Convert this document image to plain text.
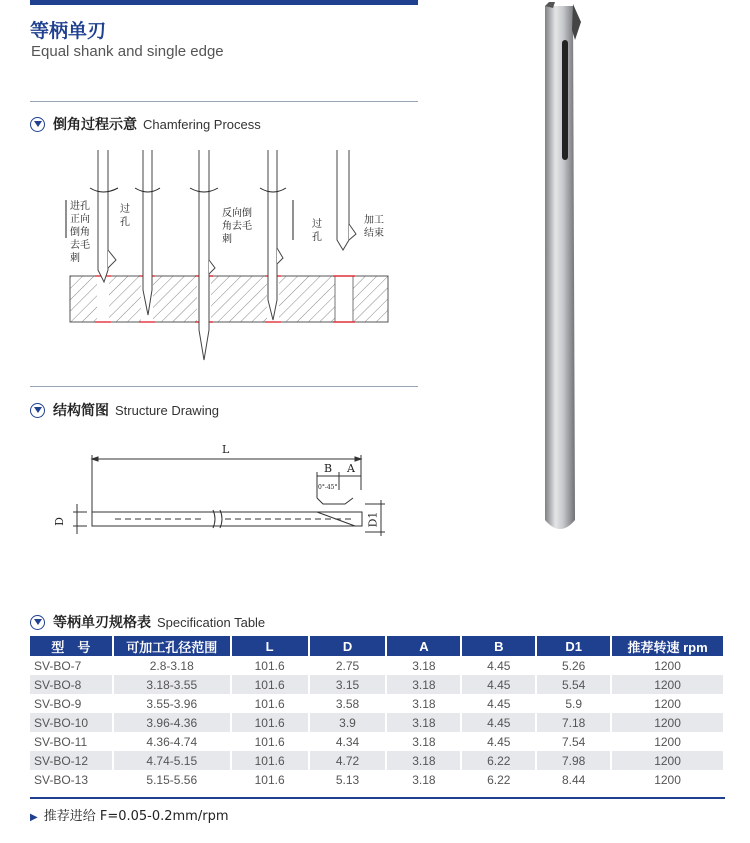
等柄单刃
Equal shank and single edge
倒角过程示意 Chamfering Process
进孔正向倒角去毛刺
过孔
反向倒角去毛刺
过孔
加工结束
结构简图 Structure Drawing
L
B A
0°-45°
D	D1
等柄单刃规格表 Specification Table
型　号	可加工孔径范围	L	D	A	B	D1	推荐转速 rpm
SV-BO-7	2.8-3.18	101.6	2.75	3.18	4.45	5.26	1200
SV-BO-8	3.18-3.55	101.6	3.15	3.18	4.45	5.54	1200
SV-BO-9	3.55-3.96	101.6	3.58	3.18	4.45	5.9	1200
SV-BO-10	3.96-4.36	101.6	3.9	3.18	4.45	7.18	1200
SV-BO-11	4.36-4.74	101.6	4.34	3.18	4.45	7.54	1200
SV-BO-12	4.74-5.15	101.6	4.72	3.18	6.22	7.98	1200
SV-BO-13	5.15-5.56	101.6	5.13	3.18	6.22	8.44	1200
▶ 推荐进给 F=0.05-0.2mm/rpm
